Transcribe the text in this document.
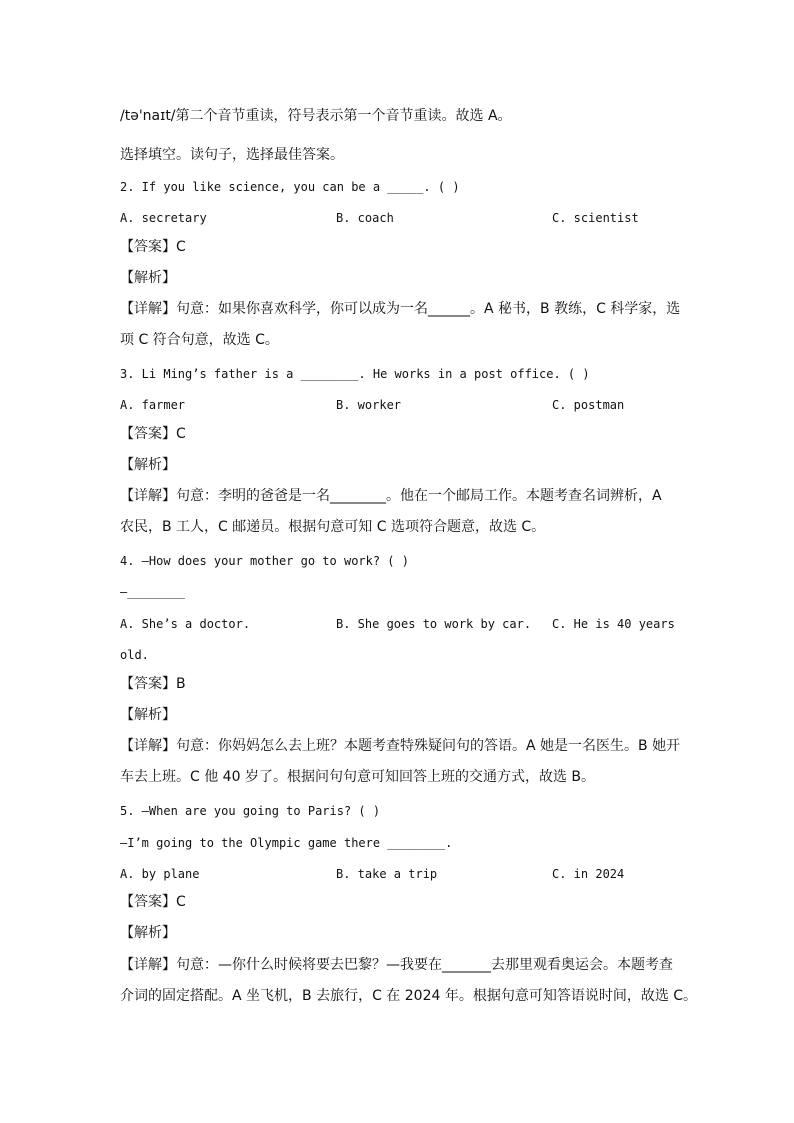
/tə'naɪt/第二个音节重读，符号表示第一个音节重读。故选 A。
选择填空。读句子，选择最佳答案。
2. If you like science, you can be a _____. ( )
A. secretary	B. coach	C. scientist
【答案】C
【解析】
【详解】句意：如果你喜欢科学，你可以成为一名______。A 秘书，B 教练，C 科学家，选
项 C 符合句意，故选 C。
3. Li Ming’s father is a ________. He works in a post office. ( )
A. farmer	B. worker	C. postman
【答案】C
【解析】
【详解】句意：李明的爸爸是一名________。他在一个邮局工作。本题考查名词辨析，A
农民，B 工人，C 邮递员。根据句意可知 C 选项符合题意，故选 C。
4. —How does your mother go to work? ( )
—________
A. She’s a doctor.	B. She goes to work by car. C. He is 40 years
old.
【答案】B
【解析】
【详解】句意：你妈妈怎么去上班？本题考查特殊疑问句的答语。A 她是一名医生。B 她开
车去上班。C 他 40 岁了。根据问句句意可知回答上班的交通方式，故选 B。
5. —When are you going to Paris? ( )
—I’m going to the Olympic game there ________.
A. by plane	B. take a trip	C. in 2024
【答案】C
【解析】
【详解】句意：—你什么时候将要去巴黎？—我要在_______去那里观看奥运会。本题考查
介词的固定搭配。A 坐飞机，B 去旅行，C 在 2024 年。根据句意可知答语说时间，故选 C。
